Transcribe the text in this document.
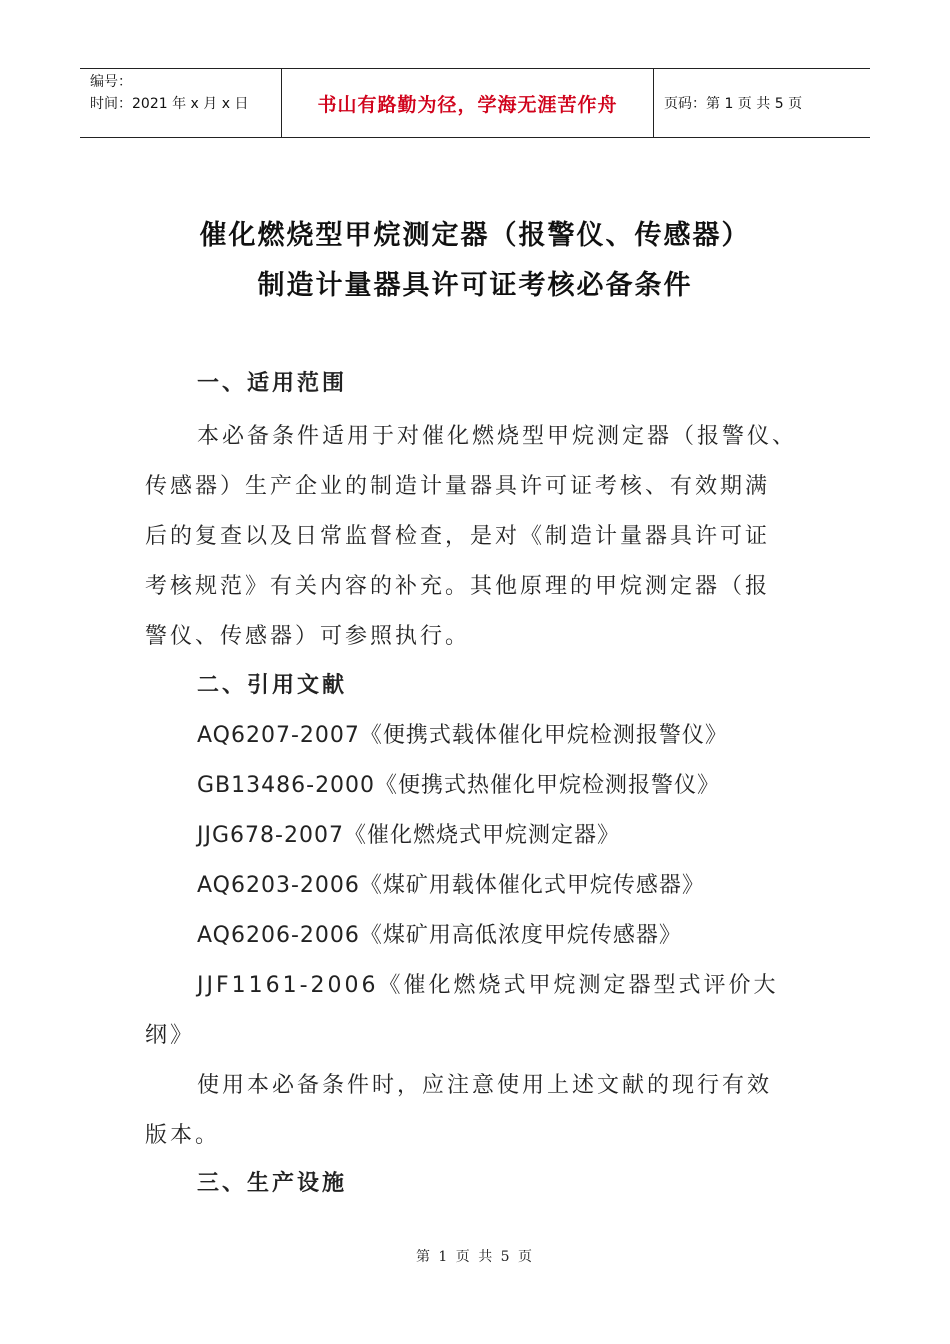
编号：
时间：2021 年 x 月 x 日	书山有路勤为径，学海无涯苦作舟	页码：第 1 页 共 5 页
催化燃烧型甲烷测定器（报警仪、传感器）
制造计量器具许可证考核必备条件
一、适用范围
本必备条件适用于对催化燃烧型甲烷测定器（报警仪、
传感器）生产企业的制造计量器具许可证考核、有效期满
后的复查以及日常监督检查，是对《制造计量器具许可证
考核规范》有关内容的补充。其他原理的甲烷测定器（报
警仪、传感器）可参照执行。
二、引用文献
AQ6207-2007《便携式载体催化甲烷检测报警仪》
GB13486-2000《便携式热催化甲烷检测报警仪》
JJG678-2007《催化燃烧式甲烷测定器》
AQ6203-2006《煤矿用载体催化式甲烷传感器》
AQ6206-2006《煤矿用高低浓度甲烷传感器》
JJF1161-2006《催化燃烧式甲烷测定器型式评价大
纲》
使用本必备条件时，应注意使用上述文献的现行有效
版本。
三、生产设施
第 1 页 共 5 页
